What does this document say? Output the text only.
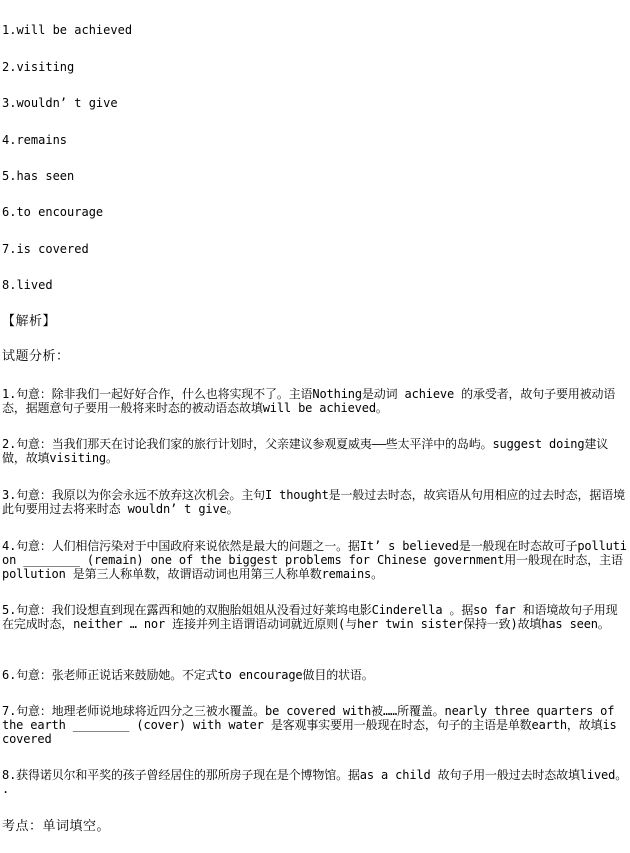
1.will be achieved
2.visiting
3.wouldn’ t give
4.remains
5.has seen
6.to encourage
7.is covered
8.lived
【解析】
试题分析：
1.句意：除非我们一起好好合作，什么也将实现不了。主语Nothing是动词 achieve 的承受者，故句子要用被动语态，据题意句子要用一般将来时态的被动语态故填will be achieved。
2.句意：当我们那天在讨论我们家的旅行计划时，父亲建议参观夏威夷——些太平洋中的岛屿。suggest doing建议做，故填visiting。
3.句意：我原以为你会永远不放弃这次机会。主句I thought是一般过去时态，故宾语从句用相应的过去时态，据语境此句要用过去将来时态 wouldn’ t give。
4.句意：人们相信污染对于中国政府来说依然是最大的问题之一。据It’ s believed是一般现在时态故可子pollution ________ (remain) one of the biggest problems for Chinese government用一般现在时态，主语pollution 是第三人称单数，故谓语动词也用第三人称单数remains。
5.句意：我们设想直到现在露西和她的双胞胎姐姐从没看过好莱坞电影Cinderella 。据so far 和语境故句子用现在完成时态，neither … nor 连接并列主语谓语动词就近原则(与her twin sister保持一致)故填has seen。
6.句意：张老师正说话来鼓励她。不定式to encourage做目的状语。
7.句意：地理老师说地球将近四分之三被水覆盖。be covered with被……所覆盖。nearly three quarters of the earth ________ (cover) with water 是客观事实要用一般现在时态，句子的主语是单数earth，故填is covered
8.获得诺贝尔和平奖的孩子曾经居住的那所房子现在是个博物馆。据as a child 故句子用一般过去时态故填lived。 .
考点：单词填空。
